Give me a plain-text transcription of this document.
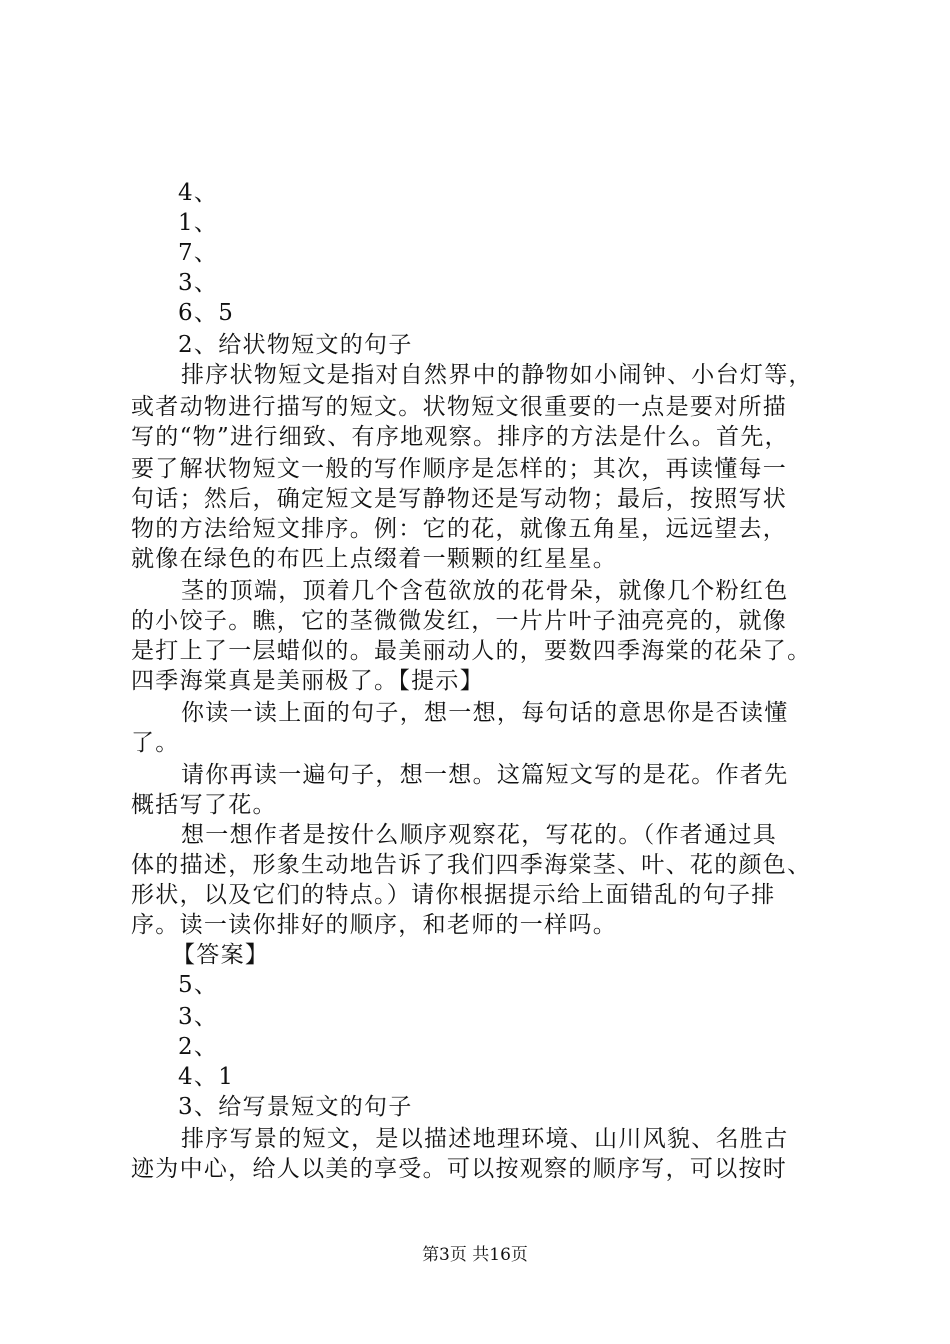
4、
1、
7、
3、
6、5
2、给状物短文的句子
排序状物短文是指对自然界中的静物如小闹钟、小台灯等，
或者动物进行描写的短文。状物短文很重要的一点是要对所描
写的“物”进行细致、有序地观察。排序的方法是什么。首先，
要了解状物短文一般的写作顺序是怎样的；其次，再读懂每一
句话；然后，确定短文是写静物还是写动物；最后，按照写状
物的方法给短文排序。例：它的花，就像五角星，远远望去，
就像在绿色的布匹上点缀着一颗颗的红星星。
茎的顶端，顶着几个含苞欲放的花骨朵，就像几个粉红色
的小饺子。瞧，它的茎微微发红，一片片叶子油亮亮的，就像
是打上了一层蜡似的。最美丽动人的，要数四季海棠的花朵了。
四季海棠真是美丽极了。【提示】
你读一读上面的句子，想一想，每句话的意思你是否读懂
了。
请你再读一遍句子，想一想。这篇短文写的是花。作者先
概括写了花。
想一想作者是按什么顺序观察花，写花的。（作者通过具
体的描述，形象生动地告诉了我们四季海棠茎、叶、花的颜色、
形状，以及它们的特点。）请你根据提示给上面错乱的句子排
序。读一读你排好的顺序，和老师的一样吗。
【答案】
5、
3、
2、
4、1
3、给写景短文的句子
排序写景的短文，是以描述地理环境、山川风貌、名胜古
迹为中心，给人以美的享受。可以按观察的顺序写，可以按时
第3页 共16页
